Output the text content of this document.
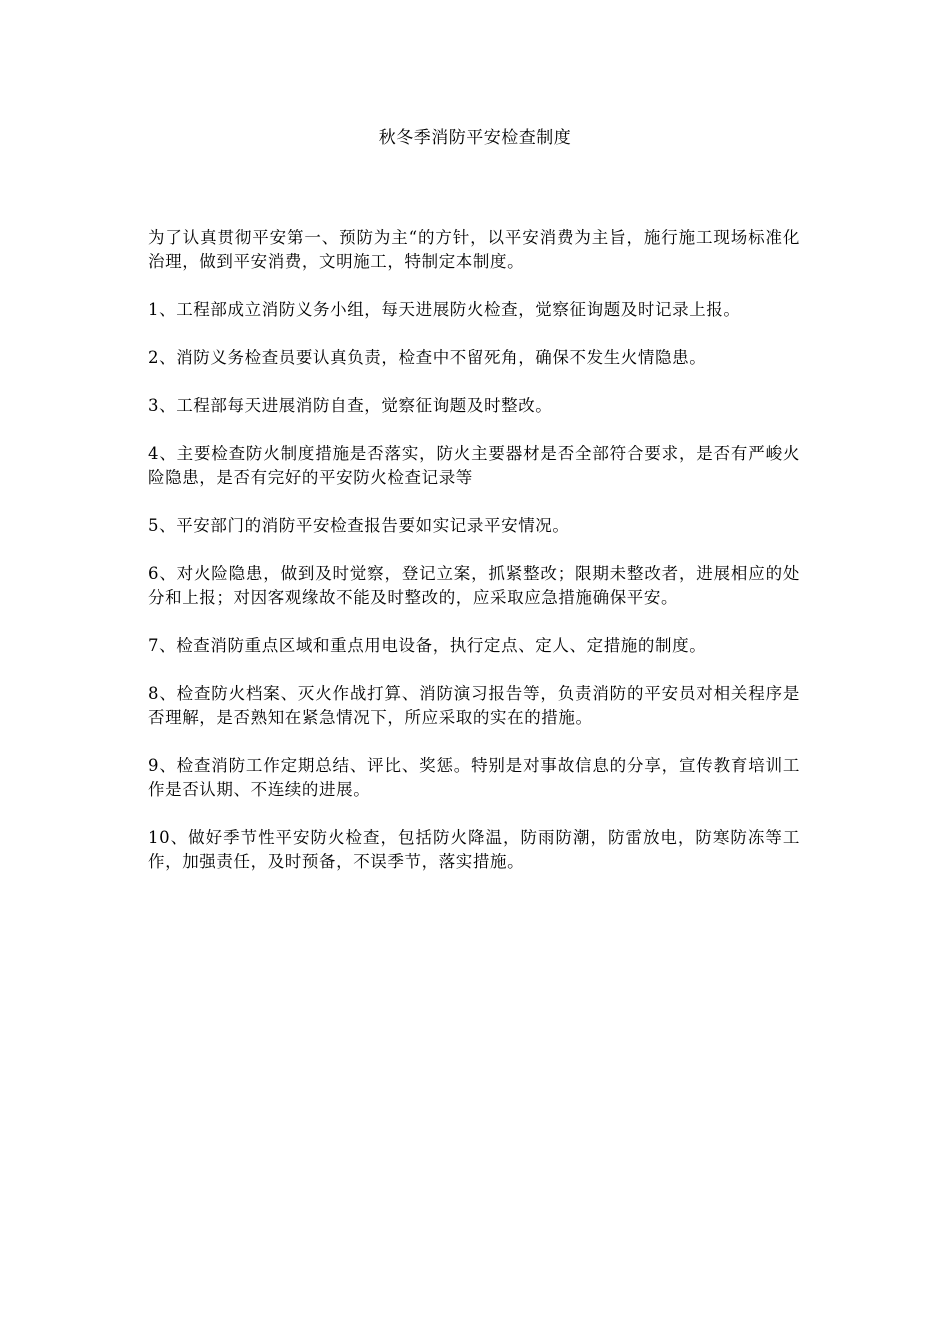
秋冬季消防平安检查制度

为了认真贯彻平安第一、预防为主“的方针，以平安消费为主旨，施行施工现场标准化治理，做到平安消费，文明施工，特制定本制度。

1、工程部成立消防义务小组，每天进展防火检查，觉察征询题及时记录上报。

2、消防义务检查员要认真负责，检查中不留死角，确保不发生火情隐患。

3、工程部每天进展消防自查，觉察征询题及时整改。

4、主要检查防火制度措施是否落实，防火主要器材是否全部符合要求，是否有严峻火险隐患，是否有完好的平安防火检查记录等

5、平安部门的消防平安检查报告要如实记录平安情况。

6、对火险隐患，做到及时觉察，登记立案，抓紧整改；限期未整改者，进展相应的处分和上报；对因客观缘故不能及时整改的，应采取应急措施确保平安。

7、检查消防重点区域和重点用电设备，执行定点、定人、定措施的制度。

8、检查防火档案、灭火作战打算、消防演习报告等，负责消防的平安员对相关程序是否理解，是否熟知在紧急情况下，所应采取的实在的措施。

9、检查消防工作定期总结、评比、奖惩。特别是对事故信息的分享，宣传教育培训工作是否认期、不连续的进展。

10、做好季节性平安防火检查，包括防火降温，防雨防潮，防雷放电，防寒防冻等工作，加强责任，及时预备，不误季节，落实措施。
